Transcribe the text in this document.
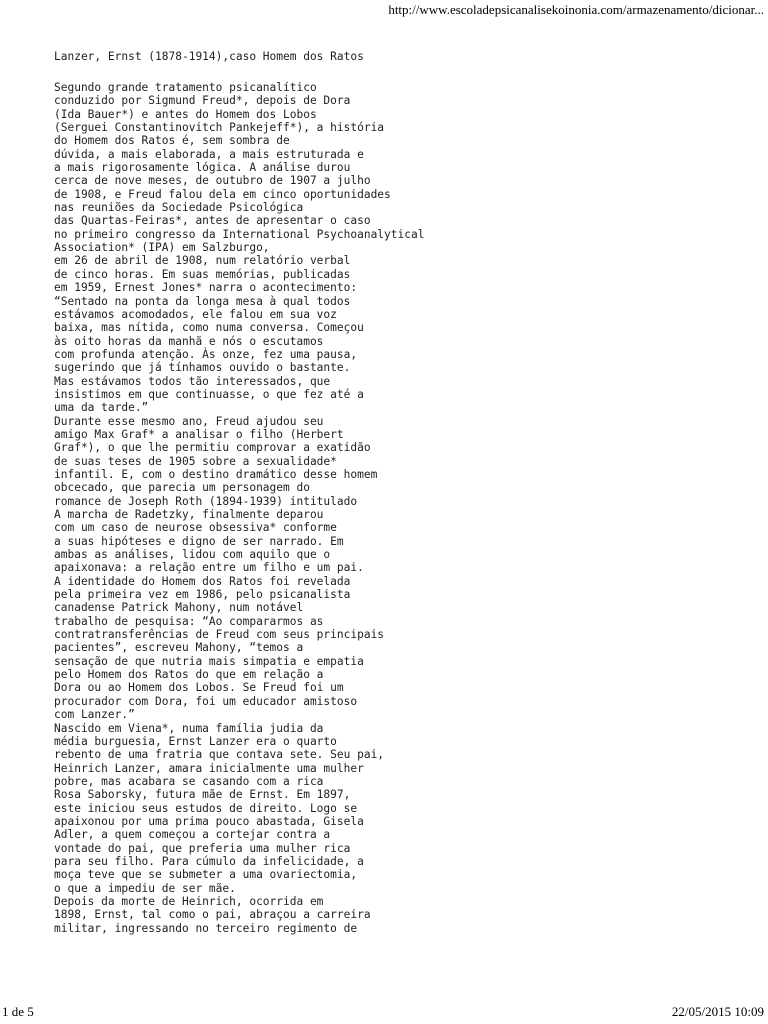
http://www.escoladepsicanalisekoinonia.com/armazenamento/dicionar...
Lanzer, Ernst (1878-1914),caso Homem dos Ratos
Segundo grande tratamento psicanalítico
conduzido por Sigmund Freud*, depois de Dora
(Ida Bauer*) e antes do Homem dos Lobos
(Serguei Constantinovitch Pankejeff*), a história
do Homem dos Ratos é, sem sombra de
dúvida, a mais elaborada, a mais estruturada e
a mais rigorosamente lógica. A análise durou
cerca de nove meses, de outubro de 1907 a julho
de 1908, e Freud falou dela em cinco oportunidades
nas reuniões da Sociedade Psicológica
das Quartas-Feiras*, antes de apresentar o caso
no primeiro congresso da International Psychoanalytical
Association* (IPA) em Salzburgo,
em 26 de abril de 1908, num relatório verbal
de cinco horas. Em suas memórias, publicadas
em 1959, Ernest Jones* narra o acontecimento:
“Sentado na ponta da longa mesa à qual todos
estávamos acomodados, ele falou em sua voz
baixa, mas nítida, como numa conversa. Começou
às oito horas da manhã e nós o escutamos
com profunda atenção. Às onze, fez uma pausa,
sugerindo que já tínhamos ouvido o bastante.
Mas estávamos todos tão interessados, que
insistimos em que continuasse, o que fez até a
uma da tarde.”
Durante esse mesmo ano, Freud ajudou seu
amigo Max Graf* a analisar o filho (Herbert
Graf*), o que lhe permitiu comprovar a exatidão
de suas teses de 1905 sobre a sexualidade*
infantil. E, com o destino dramático desse homem
obcecado, que parecia um personagem do
romance de Joseph Roth (1894-1939) intitulado
A marcha de Radetzky, finalmente deparou
com um caso de neurose obsessiva* conforme
a suas hipóteses e digno de ser narrado. Em
ambas as análises, lidou com aquilo que o
apaixonava: a relação entre um filho e um pai.
A identidade do Homem dos Ratos foi revelada
pela primeira vez em 1986, pelo psicanalista
canadense Patrick Mahony, num notável
trabalho de pesquisa: “Ao compararmos as
contratransferências de Freud com seus principais
pacientes”, escreveu Mahony, “temos a
sensação de que nutria mais simpatia e empatia
pelo Homem dos Ratos do que em relação a
Dora ou ao Homem dos Lobos. Se Freud foi um
procurador com Dora, foi um educador amistoso
com Lanzer.”
Nascido em Viena*, numa família judia da
média burguesia, Ernst Lanzer era o quarto
rebento de uma fratria que contava sete. Seu pai,
Heinrich Lanzer, amara inicialmente uma mulher
pobre, mas acabara se casando com a rica
Rosa Saborsky, futura mãe de Ernst. Em 1897,
este iniciou seus estudos de direito. Logo se
apaixonou por uma prima pouco abastada, Gisela
Adler, a quem começou a cortejar contra a
vontade do pai, que preferia uma mulher rica
para seu filho. Para cúmulo da infelicidade, a
moça teve que se submeter a uma ovariectomia,
o que a impediu de ser mãe.
Depois da morte de Heinrich, ocorrida em
1898, Ernst, tal como o pai, abraçou a carreira
militar, ingressando no terceiro regimento de
1 de 5	22/05/2015 10:09
